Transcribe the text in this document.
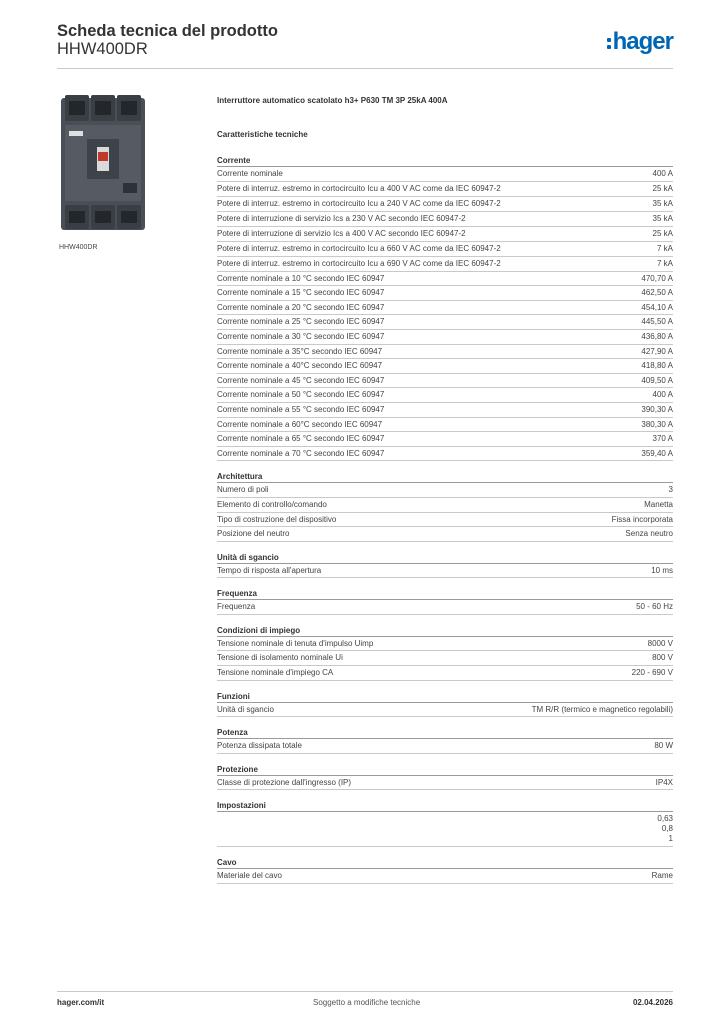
Scheda tecnica del prodotto
HHW400DR	hager
HHW400DR
Interruttore automatico scatolato h3+ P630 TM 3P 25kA 400A
Caratteristiche tecniche
Corrente
Corrente nominale	400 A
Potere di interruz. estremo in cortocircuito Icu a 400 V AC come da IEC 60947-2	25 kA
Potere di interruz. estremo in cortocircuito Icu a 240 V AC come da IEC 60947-2	35 kA
Potere di interruzione di servizio Ics a 230 V AC secondo IEC 60947-2	35 kA
Potere di interruzione di servizio Ics a 400 V AC secondo IEC 60947-2	25 kA
Potere di interruz. estremo in cortocircuito Icu a 660 V AC come da IEC 60947-2	7 kA
Potere di interruz. estremo in cortocircuito Icu a 690 V AC come da IEC 60947-2	7 kA
Corrente nominale a 10 °C secondo IEC 60947	470,70 A
Corrente nominale a 15 °C secondo IEC 60947	462,50 A
Corrente nominale a 20 °C secondo IEC 60947	454,10 A
Corrente nominale a 25 °C secondo IEC 60947	445,50 A
Corrente nominale a 30 °C secondo IEC 60947	436,80 A
Corrente nominale a 35°C secondo IEC 60947	427,90 A
Corrente nominale a 40°C secondo IEC 60947	418,80 A
Corrente nominale a 45 °C secondo IEC 60947	409,50 A
Corrente nominale a 50 °C secondo IEC 60947	400 A
Corrente nominale a 55 °C secondo IEC 60947	390,30 A
Corrente nominale a 60°C secondo IEC 60947	380,30 A
Corrente nominale a 65 °C secondo IEC 60947	370 A
Corrente nominale a 70 °C secondo IEC 60947	359,40 A
Architettura
Numero di poli	3
Elemento di controllo/comando	Manetta
Tipo di costruzione del dispositivo	Fissa incorporata
Posizione del neutro	Senza neutro
Unità di sgancio
Tempo di risposta all'apertura	10 ms
Frequenza
Frequenza	50 - 60 Hz
Condizioni di impiego
Tensione nominale di tenuta d'impulso Uimp	8000 V
Tensione di isolamento nominale Ui	800 V
Tensione nominale d'impiego CA	220 - 690 V
Funzioni
Unità di sgancio	TM R/R (termico e magnetico regolabili)
Potenza
Potenza dissipata totale	80 W
Protezione
Classe di protezione dall'ingresso (IP)	IP4X
Impostazioni
0,63
0,8
1
Cavo
Materiale del cavo	Rame
hager.com/it	Soggetto a modifiche tecniche	02.04.2026
